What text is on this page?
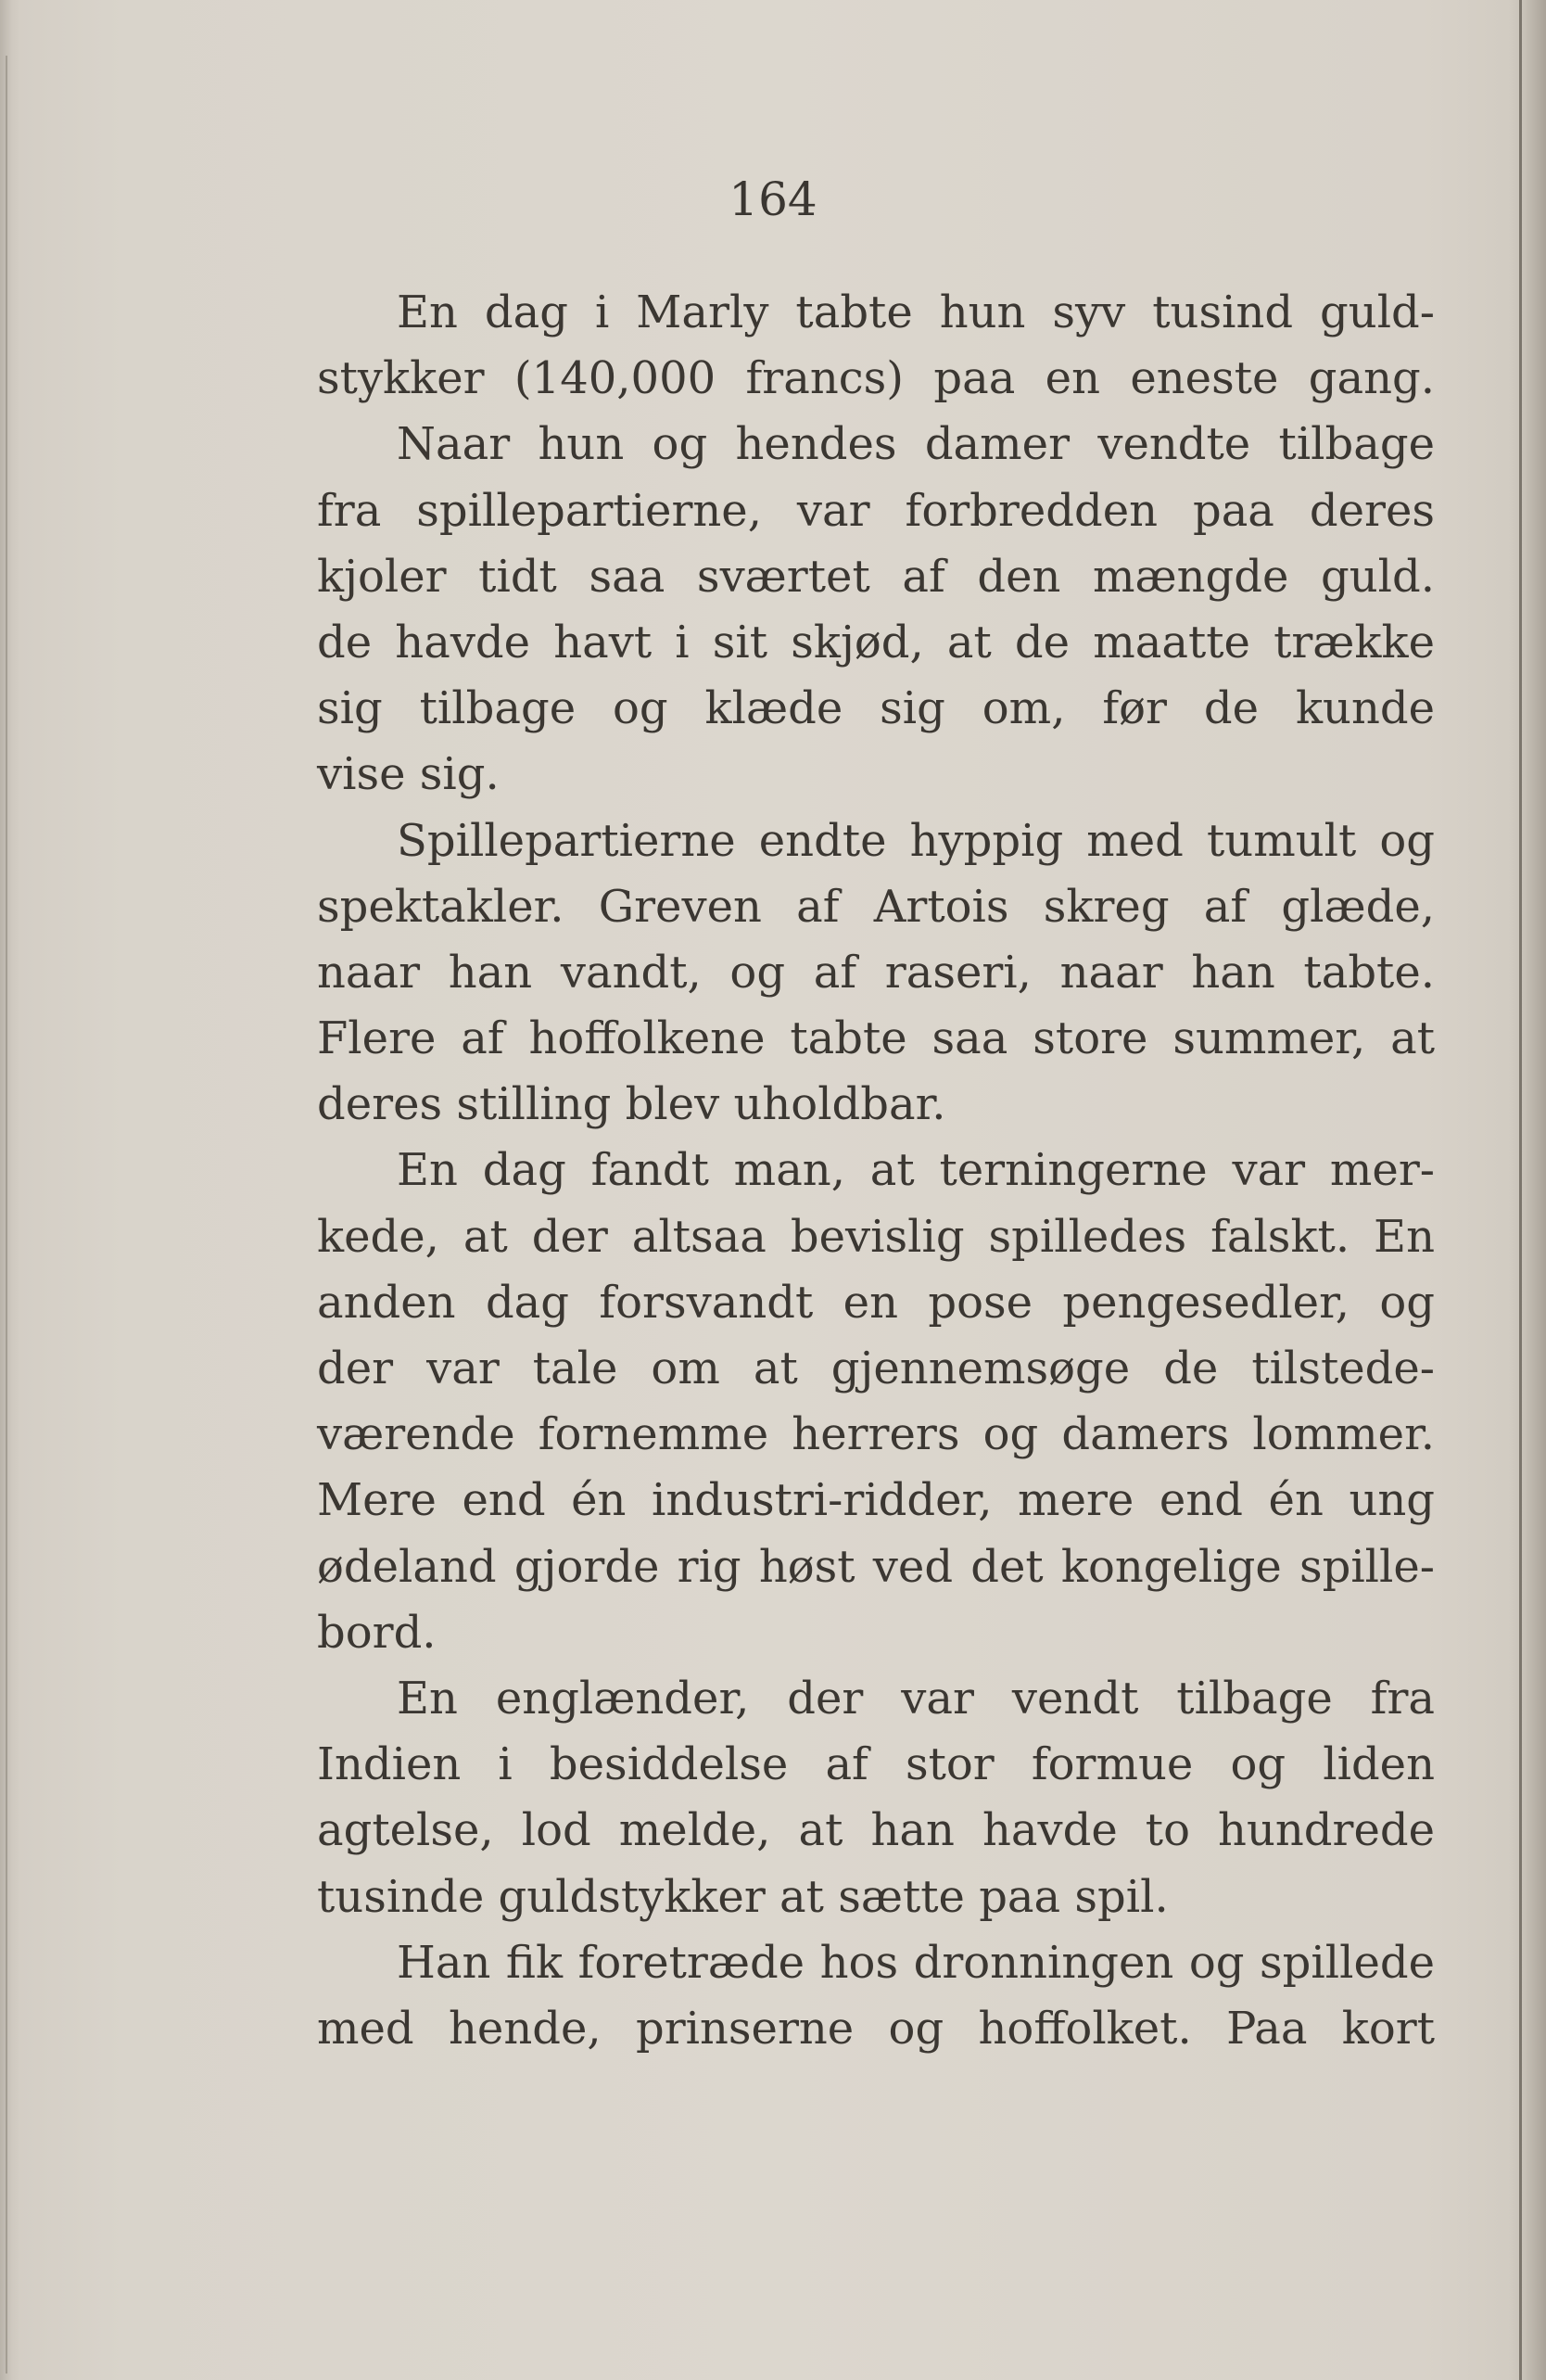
164
En dag i Marly tabte hun syv tusind guld-
stykker (140,000 francs) paa en eneste gang.
Naar hun og hendes damer vendte tilbage
fra spillepartierne, var forbredden paa deres
kjoler tidt saa sværtet af den mængde guld.
de havde havt i sit skjød, at de maatte trække
sig tilbage og klæde sig om, før de kunde
vise sig.
Spillepartierne endte hyppig med tumult og
spektakler. Greven af Artois skreg af glæde,
naar han vandt, og af raseri, naar han tabte.
Flere af hoffolkene tabte saa store summer, at
deres stilling blev uholdbar.
En dag fandt man, at terningerne var mer-
kede, at der altsaa bevislig spilledes falskt. En
anden dag forsvandt en pose pengesedler, og
der var tale om at gjennemsøge de tilstede-
værende fornemme herrers og damers lommer.
Mere end én industri-ridder, mere end én ung
ødeland gjorde rig høst ved det kongelige spille-
bord.
En englænder, der var vendt tilbage fra
Indien i besiddelse af stor formue og liden
agtelse, lod melde, at han havde to hundrede
tusinde guldstykker at sætte paa spil.
Han fik foretræde hos dronningen og spillede
med hende, prinserne og hoffolket. Paa kort
